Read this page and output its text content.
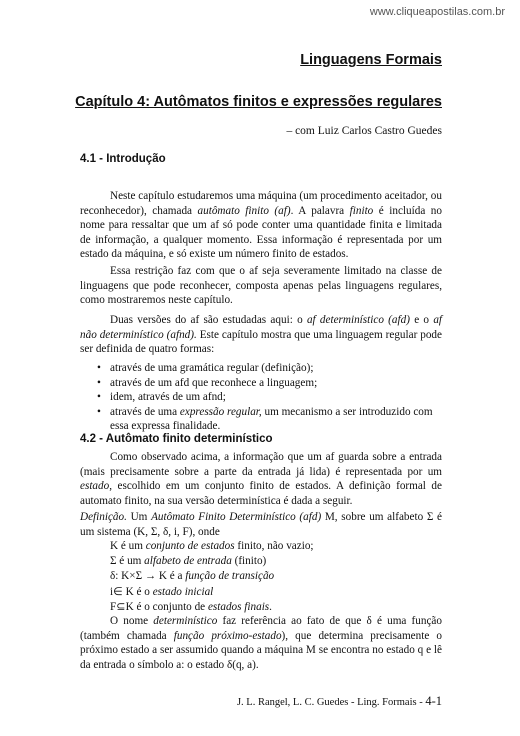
www.cliqueapostilas.com.br
Linguagens Formais
Capítulo 4: Autômatos finitos e expressões regulares
– com Luiz Carlos Castro Guedes
4.1 - Introdução

Neste capítulo estudaremos uma máquina (um procedimento aceitador, ou reconhecedor), chamada autômato finito (af). A palavra finito é incluída no nome para ressaltar que um af só pode conter uma quantidade finita e limitada de informação, a qualquer momento. Essa informação é representada por um estado da máquina, e só existe um número finito de estados.

Essa restrição faz com que o af seja severamente limitado na classe de linguagens que pode reconhecer, composta apenas pelas linguagens regulares, como mostraremos neste capítulo.

Duas versões do af são estudadas aqui: o af determinístico (afd) e o af não determinístico (afnd). Este capítulo mostra que uma linguagem regular pode ser definida de quatro formas:

• através de uma gramática regular (definição);
• através de um afd que reconhece a linguagem;
• idem, através de um afnd;
• através de uma expressão regular, um mecanismo a ser introduzido com essa expressa finalidade.
4.2 - Autômato finito determinístico

Como observado acima, a informação que um af guarda sobre a entrada (mais precisamente sobre a parte da entrada já lida) é representada por um estado, escolhido em um conjunto finito de estados. A definição formal de automato finito, na sua versão determinística é dada a seguir.

Definição. Um Autômato Finito Determinístico (afd) M, sobre um alfabeto Σ é um sistema (K, Σ, δ, i, F), onde

K é um conjunto de estados finito, não vazio;
Σ é um alfabeto de entrada (finito)
δ: K×Σ → K é a função de transição
i∈ K é o estado inicial
F⊆K é o conjunto de estados finais.

O nome determinístico faz referência ao fato de que δ é uma função (também chamada função próximo-estado), que determina precisamente o próximo estado a ser assumido quando a máquina M se encontra no estado q e lê da entrada o símbolo a: o estado δ(q, a).

J. L. Rangel, L. C. Guedes - Ling. Formais - 4-1
